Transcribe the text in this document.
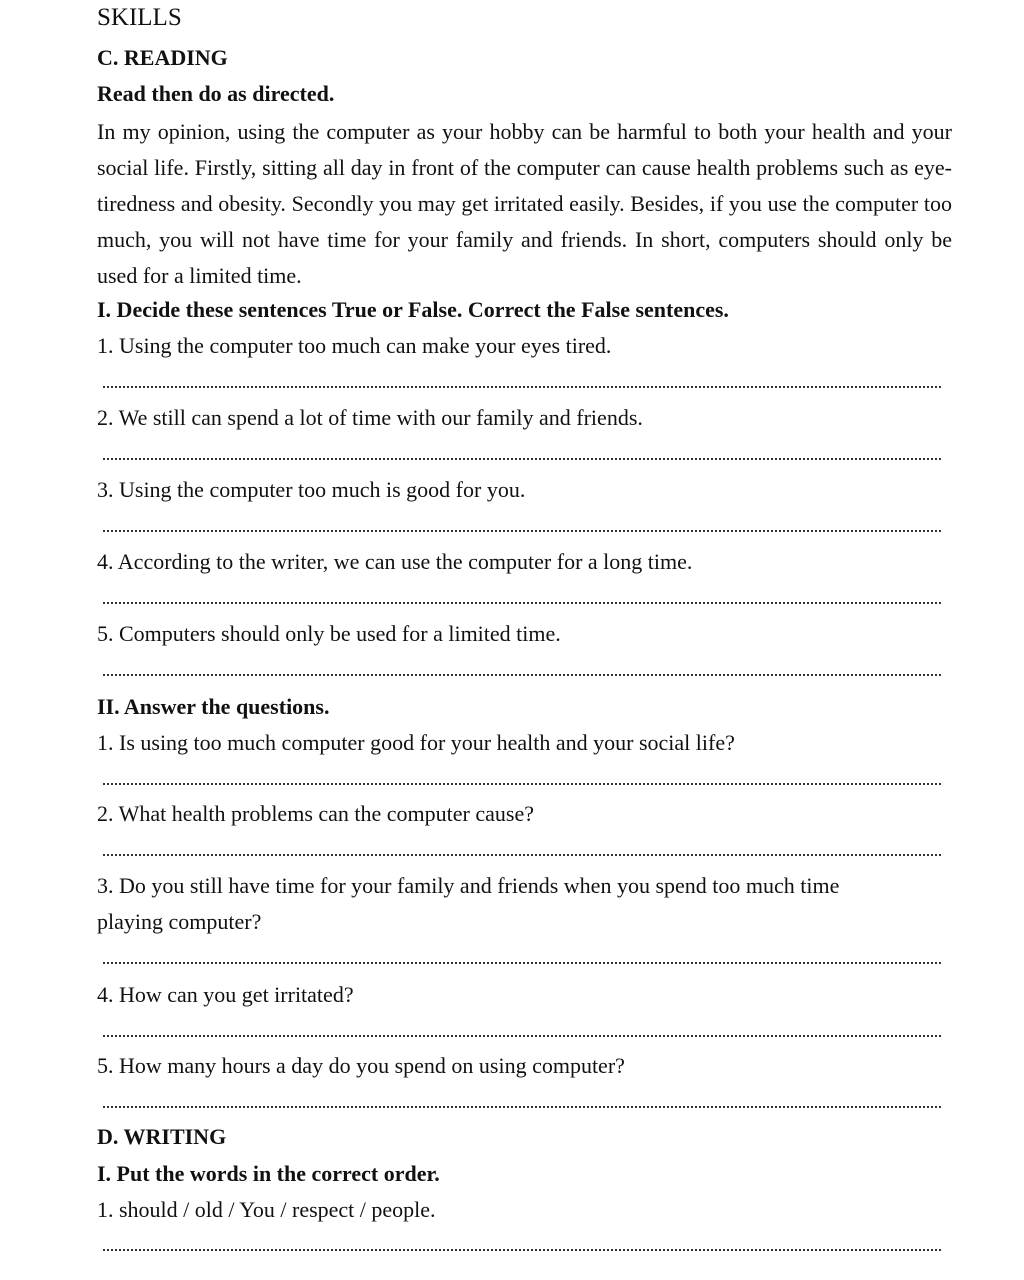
SKILLS
C. READING
Read then do as directed.
In my opinion, using the computer as your hobby can be harmful to both your health and your social life. Firstly, sitting all day in front of the computer can cause health problems such as eye-tiredness and obesity. Secondly you may get irritated easily. Besides, if you use the computer too much, you will not have time for your family and friends. In short, computers should only be used for a limited time.
I. Decide these sentences True or False. Correct the False sentences.
1. Using the computer too much can make your eyes tired.
2. We still can spend a lot of time with our family and friends.
3. Using the computer too much is good for you.
4. According to the writer, we can use the computer for a long time.
5. Computers should only be used for a limited time.
II. Answer the questions.
1. Is using too much computer good for your health and your social life?
2. What health problems can the computer cause?
3. Do you still have time for your family and friends when you spend too much time
playing computer?
4. How can you get irritated?
5. How many hours a day do you spend on using computer?
D. WRITING
I. Put the words in the correct order.
1. should / old / You / respect / people.
